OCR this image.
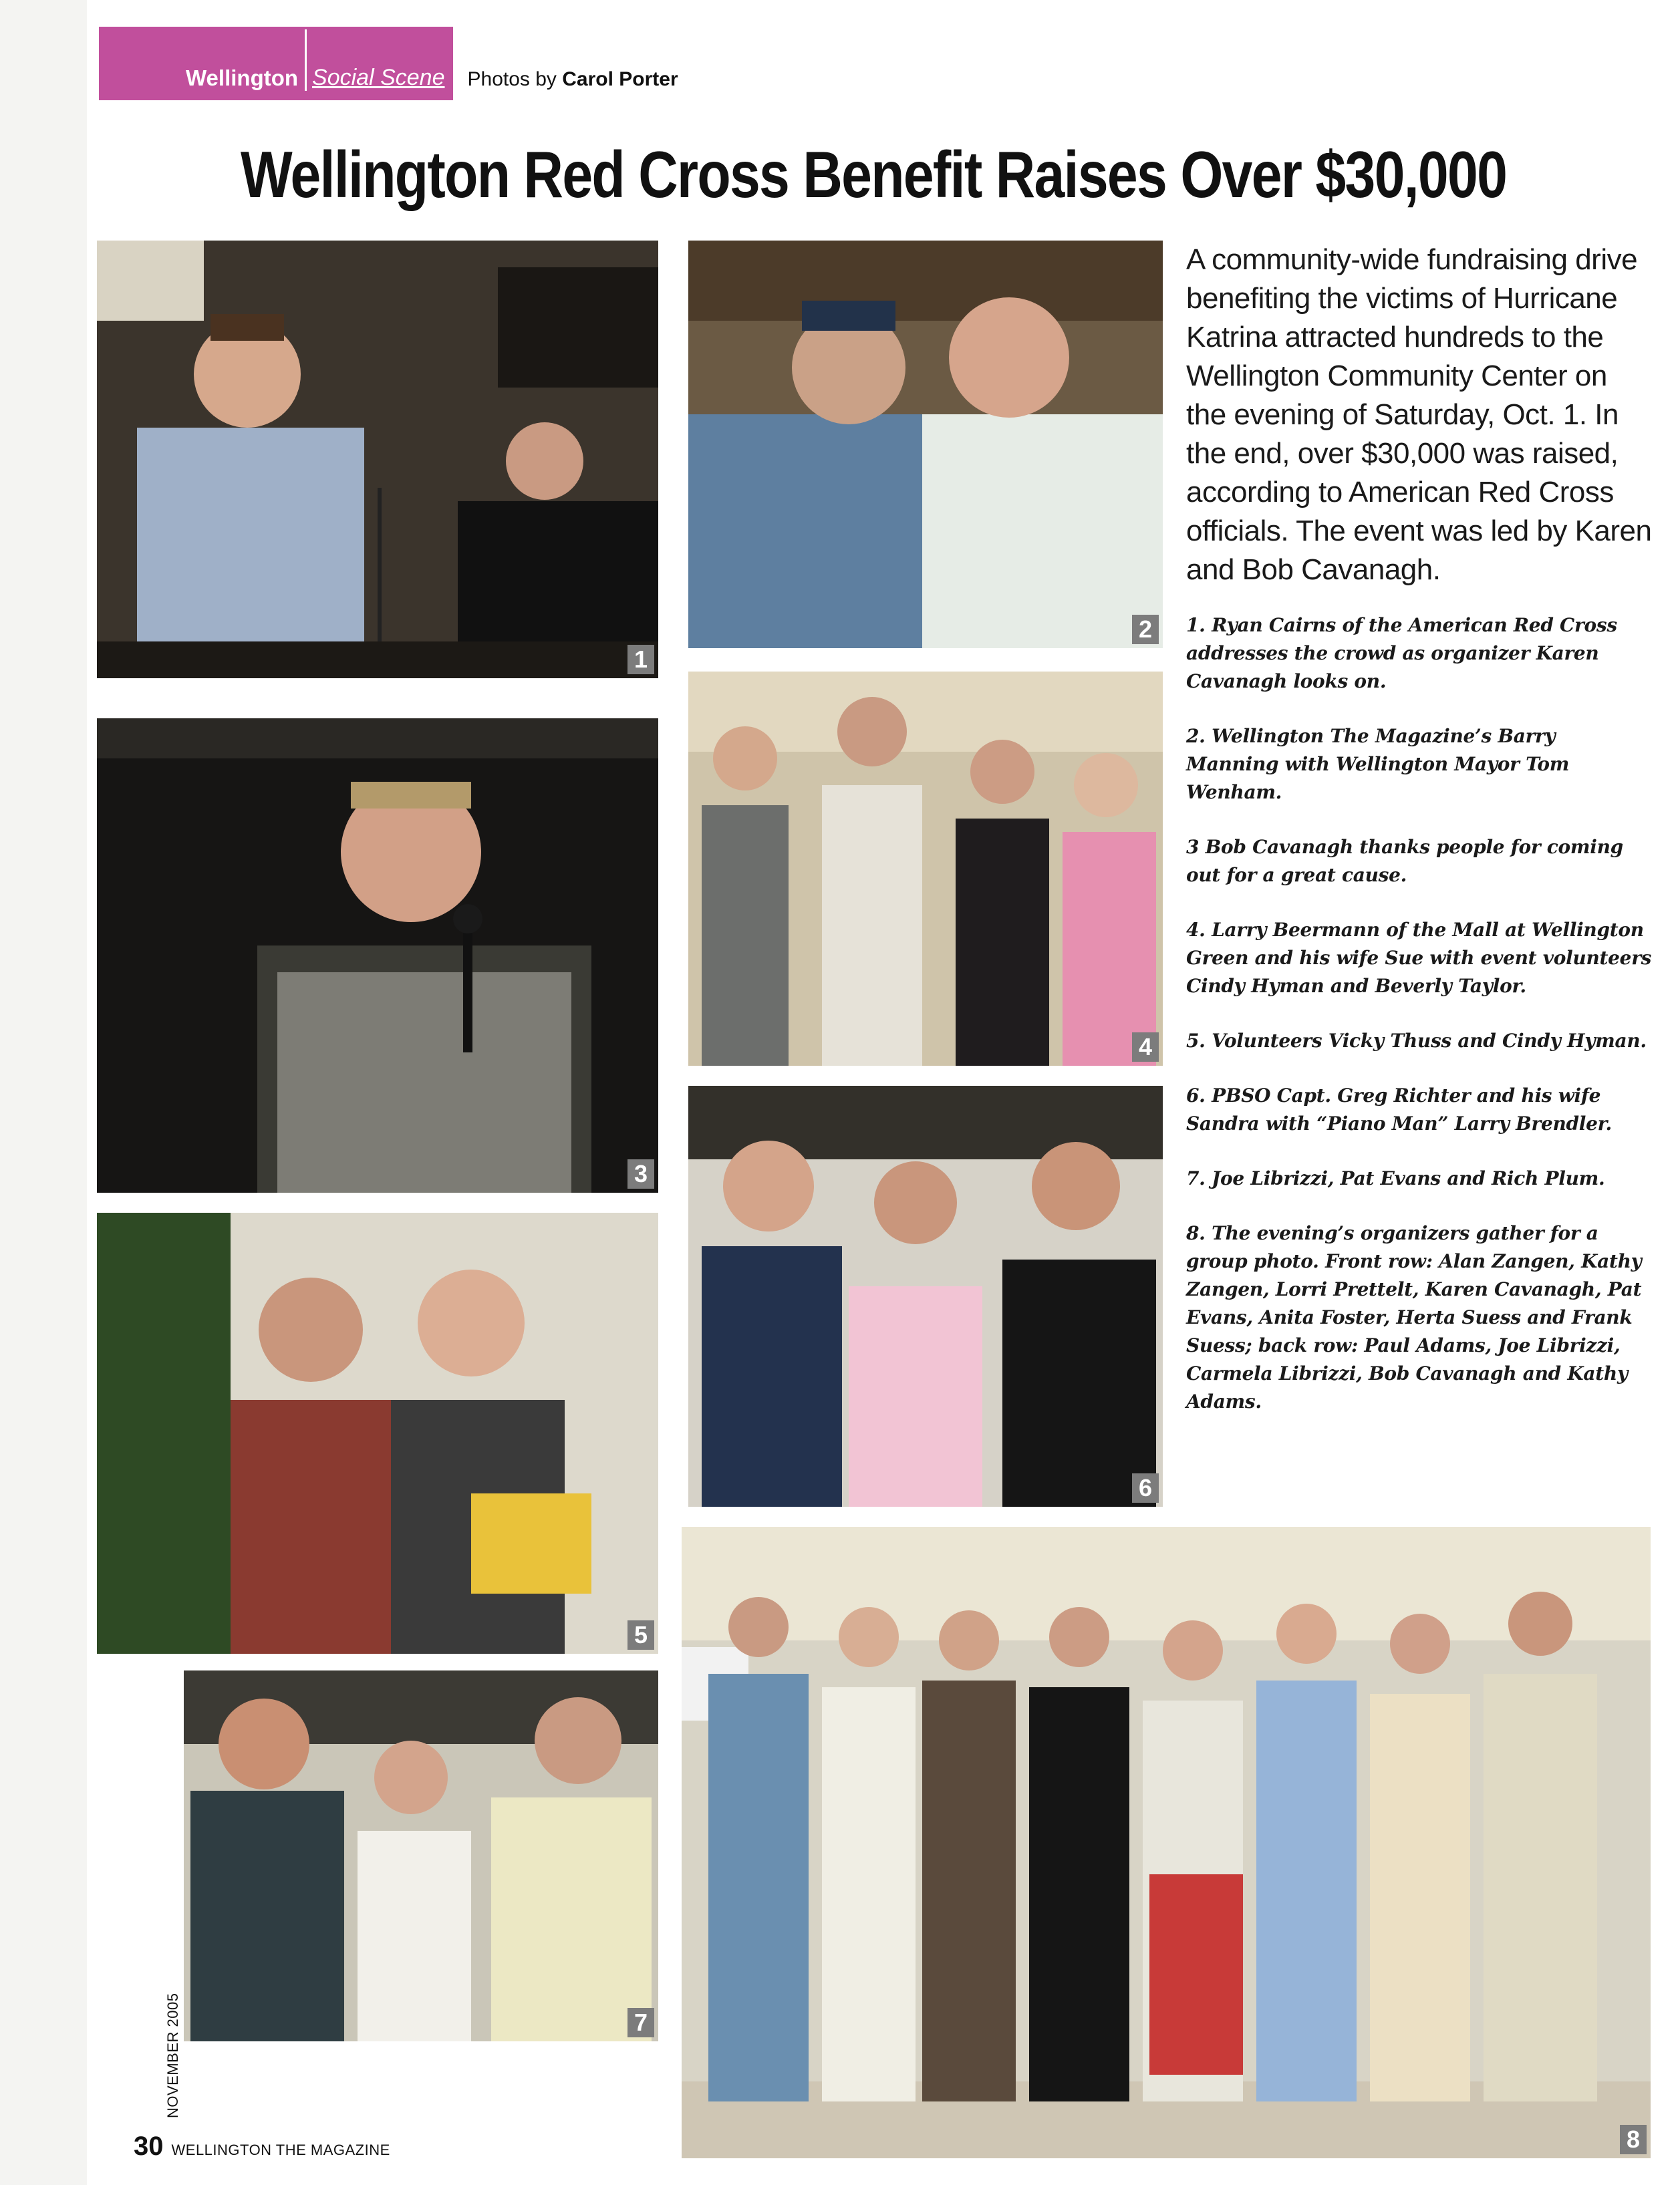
Wellington Social Scene Photos by Carol Porter
Wellington Red Cross Benefit Raises Over $30,000
1
2
3
4
5
6
7
8
A community-wide fundraising drive benefiting the victims of Hurricane Katrina attracted hundreds to the Wellington Community Center on the evening of Saturday, Oct. 1. In the end, over $30,000 was raised, according to American Red Cross officials. The event was led by Karen and Bob Cavanagh.

1. Ryan Cairns of the American Red Cross addresses the crowd as organizer Karen Cavanagh looks on.

2. Wellington The Magazine’s Barry Manning with Wellington Mayor Tom Wenham.

3 Bob Cavanagh thanks people for coming out for a great cause.

4. Larry Beermann of the Mall at Wellington Green and his wife Sue with event volunteers Cindy Hyman and Beverly Taylor.

5. Volunteers Vicky Thuss and Cindy Hyman.

6. PBSO Capt. Greg Richter and his wife Sandra with “Piano Man” Larry Brendler.

7. Joe Librizzi, Pat Evans and Rich Plum.

8. The evening’s organizers gather for a group photo. Front row: Alan Zangen, Kathy Zangen, Lorri Prettelt, Karen Cavanagh, Pat Evans, Anita Foster, Herta Suess and Frank Suess; back row: Paul Adams, Joe Librizzi, Carmela Librizzi, Bob Cavanagh and Kathy Adams.

NOVEMBER 2005
30 WELLINGTON THE MAGAZINE
